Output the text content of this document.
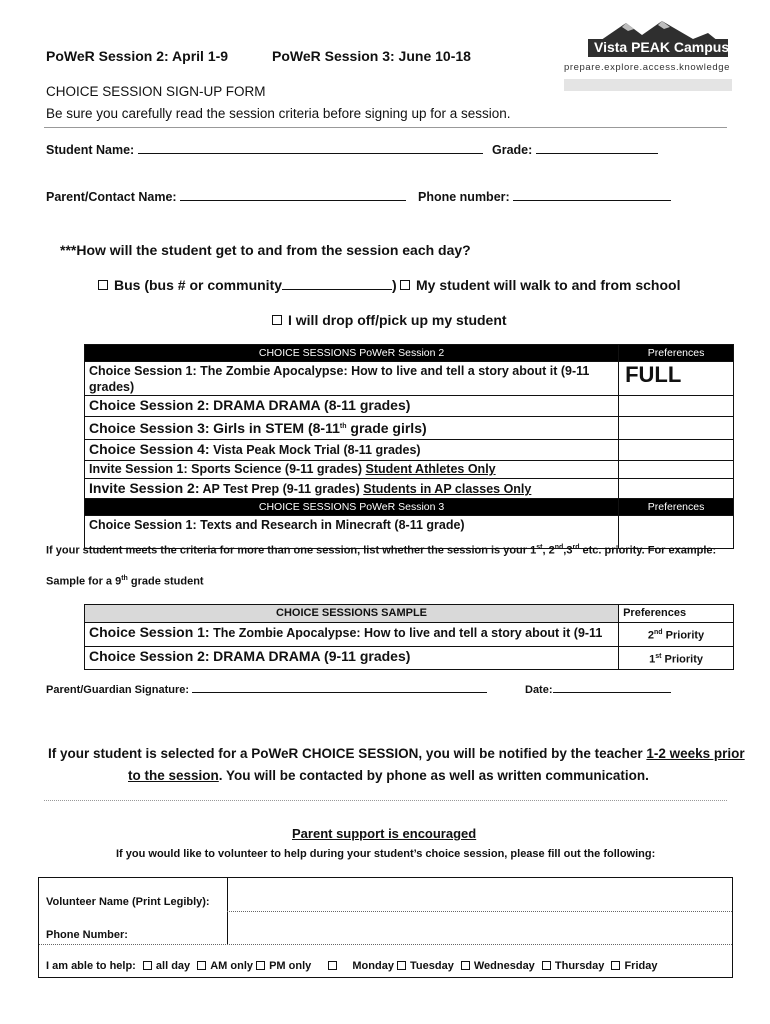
PoWeR Session 2: April 1-9	PoWeR Session 3: June 10-18
Vista PEAK Campus
prepare.explore.access.knowledge
CHOICE SESSION SIGN-UP FORM
Be sure you carefully read the session criteria before signing up for a session.
Student Name:	Grade:
Parent/Contact Name:	Phone number:
***How will the student get to and from the session each day?
Bus (bus # or community	)	My student will walk to and from school
I will drop off/pick up my student
CHOICE SESSIONS PoWeR Session 2	Preferences

Choice Session 1: The Zombie Apocalypse: How to live and tell a story about it (9-11
grades)	FULL
Choice Session 2: DRAMA DRAMA (8-11 grades)	
Choice Session 3: Girls in STEM (8-11th grade girls)	
Choice Session 4: Vista Peak Mock Trial (8-11 grades)	
Invite Session 1: Sports Science (9-11 grades) Student Athletes Only	
Invite Session 2: AP Test Prep (9-11 grades) Students in AP classes Only	
CHOICE SESSIONS PoWeR Session 3	Preferences
Choice Session 1: Texts and Research in Minecraft (8-11 grade)	
If your student meets the criteria for more than one session, list whether the session is your 1st, 2nd,3rd etc. priority. For example:
Sample for a 9th grade student
CHOICE SESSIONS SAMPLE	Preferences
Choice Session 1: The Zombie Apocalypse: How to live and tell a story about it (9-11	2nd Priority
Choice Session 2: DRAMA DRAMA (9-11 grades)	1st Priority
Parent/Guardian Signature:	Date:
If your student is selected for a PoWeR CHOICE SESSION, you will be notified by the teacher 1-2 weeks prior
to the session. You will be contacted by phone as well as written communication.
Parent support is encouraged
If you would like to volunteer to help during your student’s choice session, please fill out the following:
Volunteer Name (Print Legibly):
Phone Number:
I am able to help: all day AM only PM only	Monday Tuesday Wednesday Thursday Friday
